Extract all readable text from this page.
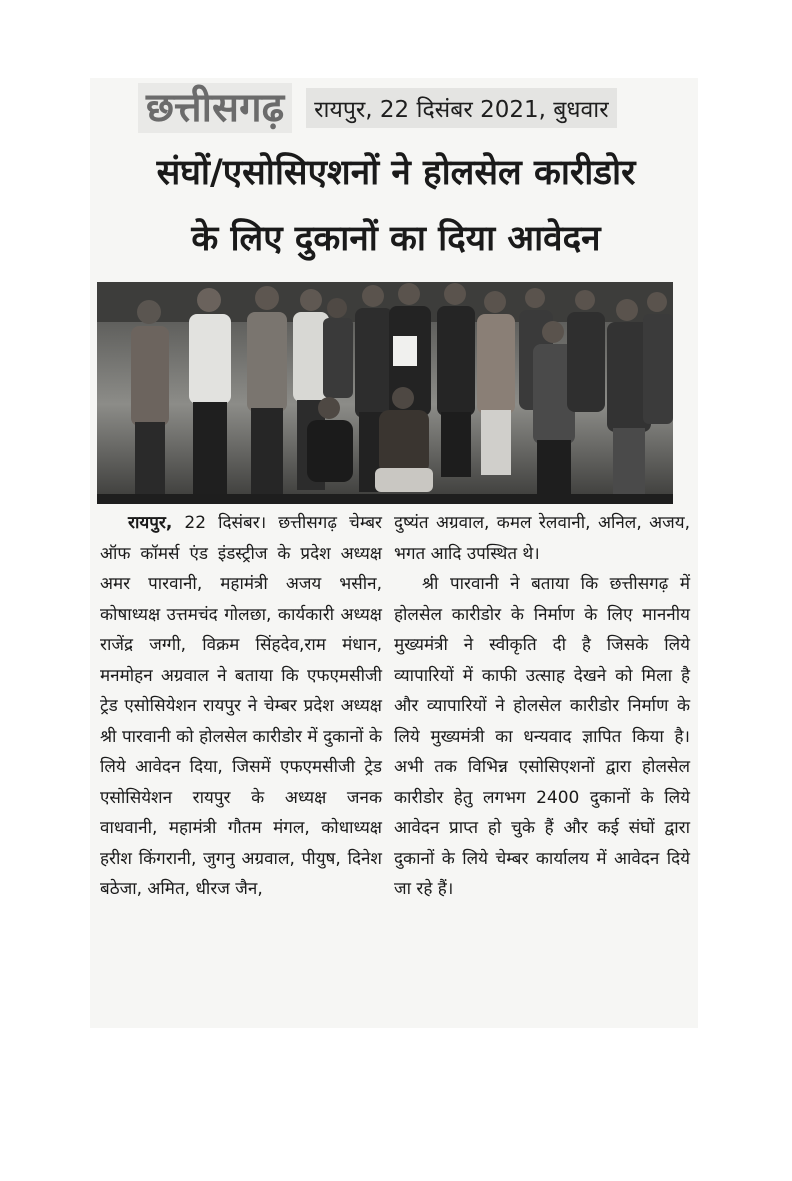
छत्तीसगढ़	रायपुर, 22 दिसंबर 2021, बुधवार
संघों/एसोसिएशनों ने होलसेल कारीडोर
के लिए दुकानों का दिया आवेदन

रायपुर, 22 दिसंबर। छत्तीसगढ़ चेम्बर ऑफ कॉमर्स एंड इंडस्ट्रीज के प्रदेश अध्यक्ष अमर पारवानी, महामंत्री अजय भसीन, कोषाध्यक्ष उत्तमचंद गोलछा, कार्यकारी अध्यक्ष राजेंद्र जग्गी, विक्रम सिंहदेव,राम मंधान, मनमोहन अग्रवाल ने बताया कि एफएमसीजी ट्रेड एसोसियेशन रायपुर ने चेम्बर प्रदेश अध्यक्ष श्री पारवानी को होलसेल कारीडोर में दुकानों के लिये आवेदन दिया, जिसमें एफएमसीजी ट्रेड एसोसियेशन रायपुर के अध्यक्ष जनक वाधवानी, महामंत्री गौतम मंगल, कोधाध्यक्ष हरीश किंगरानी, जुगनु अग्रवाल, पीयुष, दिनेश बठेजा, अमित, धीरज जैन,

दुष्यंत अग्रवाल, कमल रेलवानी, अनिल, अजय, भगत आदि उपस्थित थे।

श्री पारवानी ने बताया कि छत्तीसगढ़ में होलसेल कारीडोर के निर्माण के लिए माननीय मुख्यमंत्री ने स्वीकृति दी है जिसके लिये व्यापारियों में काफी उत्साह देखने को मिला है और व्यापारियों ने होलसेल कारीडोर निर्माण के लिये मुख्यमंत्री का धन्यवाद ज्ञापित किया है। अभी तक विभिन्न एसोसिएशनों द्वारा होलसेल कारीडोर हेतु लगभग 2400 दुकानों के लिये आवेदन प्राप्त हो चुके हैं और कई संघों द्वारा दुकानों के लिये चेम्बर कार्यालय में आवेदन दिये जा रहे हैं।
